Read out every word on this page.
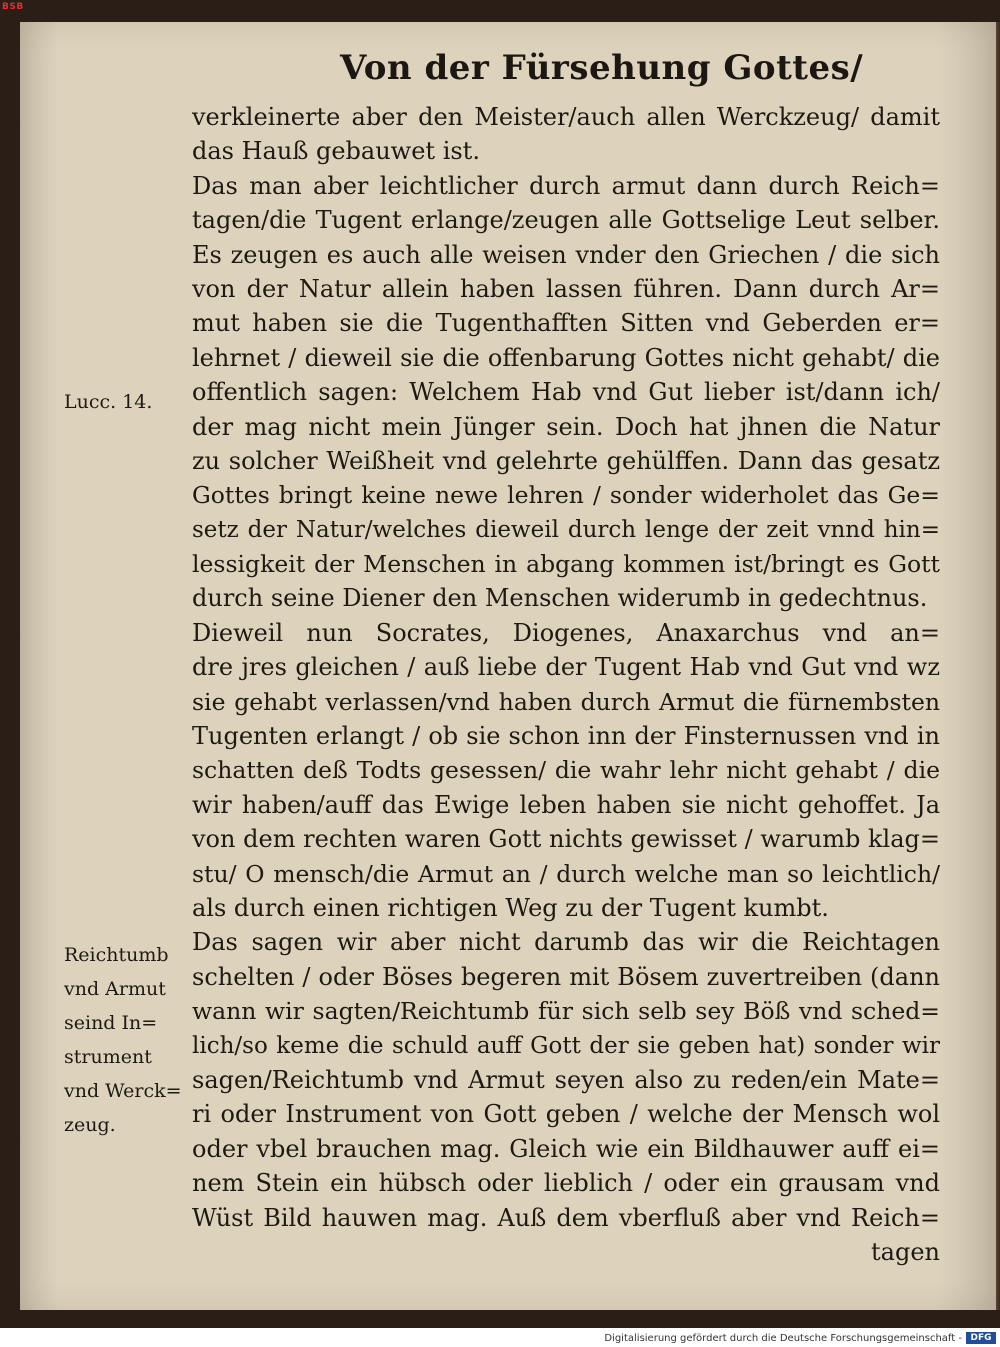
BSB
Von der Fürsehung Gottes/
Lucc. 14.
Reichtumb
vnd Armut
seind In=
strument
vnd Werck=
zeug.
verkleinerte aber den Meister/auch allen Werckzeug/ damit
das Hauß gebauwet ist.
Das man aber leichtlicher durch armut dann durch Reich=
tagen/die Tugent erlange/zeugen alle Gottselige Leut selber.
Es zeugen es auch alle weisen vnder den Griechen / die sich
von der Natur allein haben lassen führen. Dann durch Ar=
mut haben sie die Tugenthafften Sitten vnd Geberden er=
lehrnet / dieweil sie die offenbarung Gottes nicht gehabt/ die
offentlich sagen: Welchem Hab vnd Gut lieber ist/dann ich/
der mag nicht mein Jünger sein. Doch hat jhnen die Natur
zu solcher Weißheit vnd gelehrte gehülffen. Dann das gesatz
Gottes bringt keine newe lehren / sonder widerholet das Ge=
setz der Natur/welches dieweil durch lenge der zeit vnnd hin=
lessigkeit der Menschen in abgang kommen ist/bringt es Gott
durch seine Diener den Menschen widerumb in gedechtnus.
Dieweil nun Socrates, Diogenes, Anaxarchus vnd an=
dre jres gleichen / auß liebe der Tugent Hab vnd Gut vnd wz
sie gehabt verlassen/vnd haben durch Armut die fürnembsten
Tugenten erlangt / ob sie schon inn der Finsternussen vnd in
schatten deß Todts gesessen/ die wahr lehr nicht gehabt / die
wir haben/auff das Ewige leben haben sie nicht gehoffet. Ja
von dem rechten waren Gott nichts gewisset / warumb klag=
stu/ O mensch/die Armut an / durch welche man so leichtlich/
als durch einen richtigen Weg zu der Tugent kumbt.
Das sagen wir aber nicht darumb das wir die Reichtagen
schelten / oder Böses begeren mit Bösem zuvertreiben (dann
wann wir sagten/Reichtumb für sich selb sey Böß vnd sched=
lich/so keme die schuld auff Gott der sie geben hat) sonder wir
sagen/Reichtumb vnd Armut seyen also zu reden/ein Mate=
ri oder Instrument von Gott geben / welche der Mensch wol
oder vbel brauchen mag. Gleich wie ein Bildhauwer auff ei=
nem Stein ein hübsch oder lieblich / oder ein grausam vnd
Wüst Bild hauwen mag. Auß dem vberfluß aber vnd Reich=
tagen
Digitalisierung gefördert durch die Deutsche Forschungsgemeinschaft - DFG
